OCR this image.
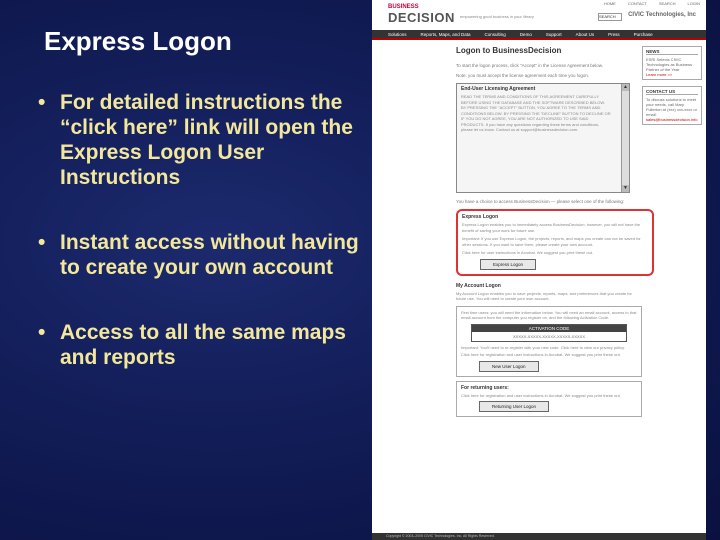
Express Logon
• For detailed instructions the “click here” link will open the Express Logon User Instructions
• Instant access without having to create your own account
• Access to all the same maps and reports
HOME	CONTACT	SEARCH	LOGIN
BUSINESS
DECISION empowering good business in your library	SEARCH	CIVIC Technologies, Inc
Solutions	Reports, Maps, and Data	Consulting	Demo	Support	About Us	Press	Purchase
Logon to BusinessDecision
To start the logon process, click "Accept" in the License Agreement below.
Note: you must accept the license agreement each time you logon.
End-User Licensing Agreement
READ THE TERMS AND CONDITIONS OF THIS AGREEMENT CAREFULLY BEFORE USING THE DATABASE AND THE SOFTWARE DESCRIBED BELOW. BY PRESSING THE "ACCEPT" BUTTON, YOU AGREE TO THE TERMS AND CONDITIONS BELOW. BY PRESSING THE "DECLINE" BUTTON TO DECLINE OR IF YOU DO NOT AGREE, YOU ARE NOT AUTHORIZED TO USE SAID PRODUCTS. If you have any questions regarding these terms and conditions, please let us know. Contact us at support@businessdecision.com.
▲
▼
You have a choice to access BusinessDecision — please select one of the following:
Express Logon
Express Logon enables you to immediately access BusinessDecision; however, you will not have the benefit of saving your work for future use.
Important: If you use Express Logon, the projects, reports, and maps you create can not be saved for other sessions. If you want to save them, please create your own account.
Click here for user instructions in Acrobat. We suggest you print these out.
Express Logon
My Account Logon
My Account Logon enables you to save projects, reports, maps, and preferences that you create for future use. You will need to create your own account.
First time users: you will need the information below. You will need an email account, access to that email account from the computer you register on, and the following Activation Code.
ACTIVATION CODE
XXXXX-XXXXX-XXXXX-XXXXX-XXXXX
Important: You'll need to re-register with your new code. Click here to view our privacy policy.
Click here for registration and user instructions in Acrobat. We suggest you print these out.
New User Logon
For returning users:
Click here for registration and user instructions in Acrobat. We suggest you print these out.
Returning User Logon
NEWS
ESRI Selects CIVIC Technologies as Business Partner of the Year
Learn more >>
CONTACT US
To discuss solutions to meet your needs, call Mary Fullerton at (xxx) xxx-xxxx or email:
sales@businessdecision.info
Copyright © 2003–2005 CIVIC Technologies, Inc. All Rights Reserved.
